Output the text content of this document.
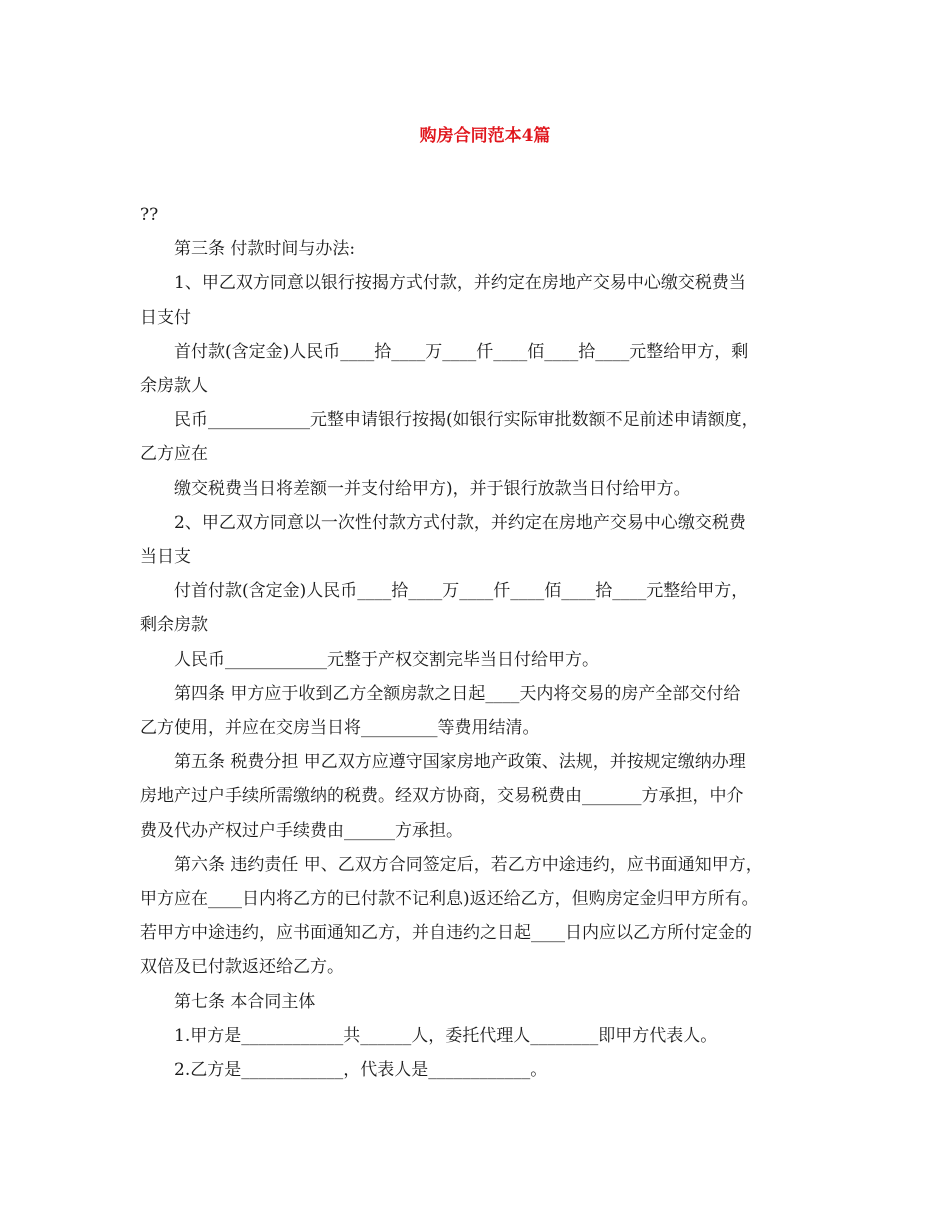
购房合同范本4篇

??

第三条 付款时间与办法:

1、甲乙双方同意以银行按揭方式付款，并约定在房地产交易中心缴交税费当

日支付

首付款(含定金)人民币____拾____万____仟____佰____拾____元整给甲方，剩

余房款人

民币____________元整申请银行按揭(如银行实际审批数额不足前述申请额度，

乙方应在

缴交税费当日将差额一并支付给甲方)，并于银行放款当日付给甲方。

2、甲乙双方同意以一次性付款方式付款，并约定在房地产交易中心缴交税费

当日支

付首付款(含定金)人民币____拾____万____仟____佰____拾____元整给甲方，

剩余房款

人民币____________元整于产权交割完毕当日付给甲方。

第四条 甲方应于收到乙方全额房款之日起____天内将交易的房产全部交付给

乙方使用，并应在交房当日将_________等费用结清。

第五条 税费分担 甲乙双方应遵守国家房地产政策、法规，并按规定缴纳办理

房地产过户手续所需缴纳的税费。经双方协商，交易税费由_______方承担，中介

费及代办产权过户手续费由______方承担。

第六条 违约责任 甲、乙双方合同签定后，若乙方中途违约，应书面通知甲方，

甲方应在____日内将乙方的已付款不记利息)返还给乙方，但购房定金归甲方所有。

若甲方中途违约，应书面通知乙方，并自违约之日起____日内应以乙方所付定金的

双倍及已付款返还给乙方。

第七条 本合同主体

1.甲方是____________共______人，委托代理人________即甲方代表人。

2.乙方是____________，代表人是____________。
